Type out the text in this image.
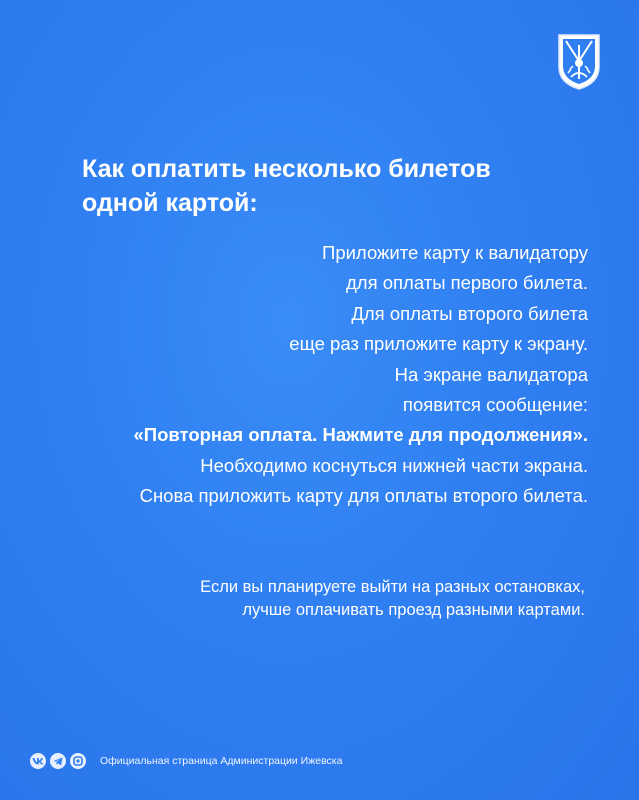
Как оплатить несколько билетов
одной картой:
Приложите карту к валидатору
для оплаты первого билета.
Для оплаты второго билета
еще раз приложите карту к экрану.
На экране валидатора
появится сообщение:
«Повторная оплата. Нажмите для продолжения».
Необходимо коснуться нижней части экрана.
Снова приложить карту для оплаты второго билета.
Если вы планируете выйти на разных остановках,
лучше оплачивать проезд разными картами.
Официальная страница Администрации Ижевска
